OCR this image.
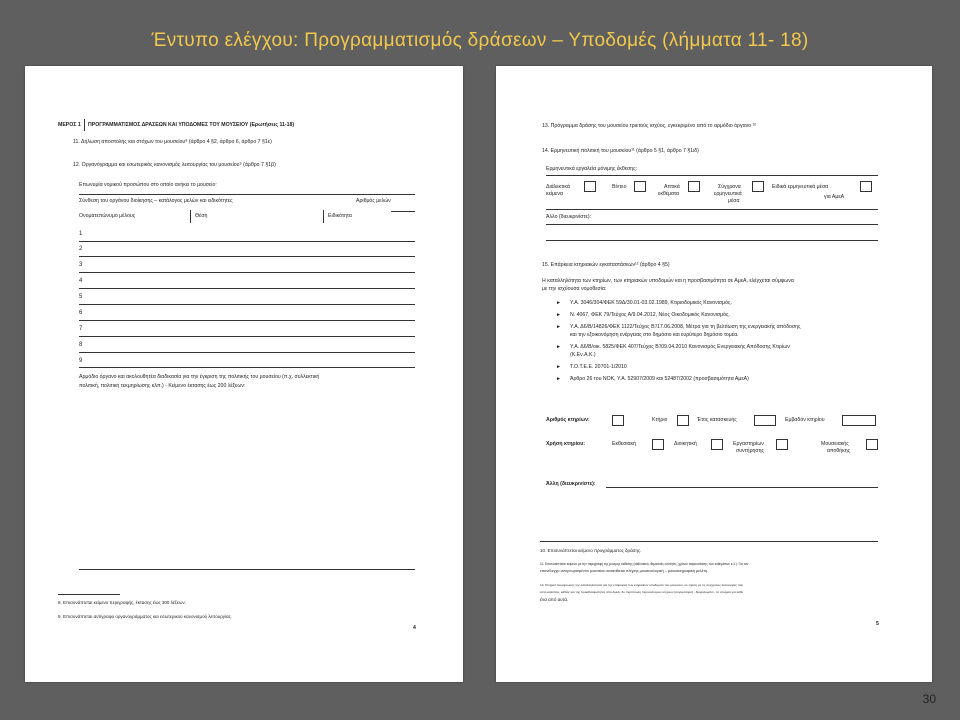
Έντυπο ελέγχου: Προγραμματισμός δράσεων – Υποδομές (λήμματα 11- 18)
ΜΕΡΟΣ 1 ΠΡΟΓΡΑΜΜΑΤΙΣΜΟΣ ΔΡΑΣΕΩΝ ΚΑΙ ΥΠΟΔΟΜΕΣ ΤΟΥ ΜΟΥΣΕΙΟΥ (Ερωτήσεις 11-18)
11. Δήλωση αποστολής και στόχων του μουσείου⁸ (άρθρο 4 §2, άρθρο 6, άρθρο 7 §1ε)
12. Οργανόγραμμα και εσωτερικός κανονισμός λειτουργίας του μουσείου⁹ (άρθρο 7 §1β)
Επωνυμία νομικού προσώπου στο οποίο ανήκει το μουσείο:
Σύνθεση του οργάνου διοίκησης – κατάλογος μελών και ειδικότητες	Αριθμός μελών
Ονοματεπώνυμο μέλους	Θέση	Ειδικότητα
1
2
3
4
5
6
7
8
9
Αρμόδιο όργανο και ακολουθητέα διαδικασία για την έγκριση της πολιτικής του μουσείου (π.χ. συλλεκτική
πολιτική, πολιτική τεκμηρίωσης κλπ.) - Κείμενο έκτασης έως 200 λέξεων:
8. Επισυνάπτεται κείμενο περιγραφής, έκτασης έως 300 λέξεων.
9. Επισυνάπτεται αντίγραφο οργανογράμματος και εσωτερικού κανονισμού λειτουργίας.
4
13. Πρόγραμμα δράσης του μουσείου τριετούς ισχύος, εγκεκριμένο από το αρμόδιο όργανο ¹⁰
14. Ερμηνευτική πολιτική του μουσείου¹¹ (άρθρο 5 §1, άρθρο 7 §1ιδ)
Ερμηνευτικά εργαλεία μόνιμης έκθεσης:
Διάλεκτικά
κείμενα
Βίντεο	Απτικά
εκθέματα
Σύγχρονα
ερμηνευτικά
μέσα
Ειδικά ερμηνευτικά μέσα
για ΑμεΑ
Άλλο (διευκρινίστε):
15. Επάρκεια κτηριακών εγκαταστάσεων¹² (άρθρο 4 §5)
Η καταλληλότητα των κτηρίων, των κτηριακών υποδομών και η προσβασιμότητα σε ΑμεΑ, ελέγχεται σύμφωνα
με την ισχύουσα νομοθεσία:
► Υ.Α. 3046/304/ΦΕΚ 59Δ/30.01-03.02.1989, Κτιριοδομικός Κανονισμός.
► Ν. 4067, ΦΕΚ 79/Τεύχος Α/9.04.2012, Νέος Οικοδομικός Κανονισμός.
► Υ.Α. Δ6/Β/14826/ΦΕΚ 1122/Τεύχος Β'/17.06.2008, Μέτρα για τη βελτίωση της ενεργειακής απόδοσης
και την εξοικονόμηση ενέργειας στο δημόσιο και ευρύτερο δημόσιο τομέα.
► Υ.Α. Δ6/Β/οικ. 5825/ΦΕΚ 407/Τεύχος Β'/09.04.2010 Κανονισμός Ενεργειακής Απόδοσης Κτιρίων
(Κ.Εν.Α.Κ.)
► Τ.Ο.Τ.Ε.Ε. 20701-1/2010
► Άρθρο 26 του ΝΟΚ, Υ.Α. 52907/2009 και 52487/2002 (προσβασιμότητα ΑμεΑ)
Αριθμός κτηρίων:	Κτήριο	Έτος κατασκευής	Εμβαδόν κτηρίου
Χρήση κτηρίου:	Εκθεσιακή	Διοικητική	Εργαστηρίων
συντήρησης
Μουσειακής
αποθήκης
Άλλη (διευκρινίστε):
10. Επισυνάπτεται κείμενο προγράμματος δράσης.
11. Επισυνάπτεται κείμενο με την περιγραφή της μόνιμης έκθεσης (εκθεσιακό, θεματικές ενότητες, χρόνοι παρουσίασης των εκθεμάτων κ.λ.). Για τον
επανέλεγχο αναγνωρισμένου μουσείου κατατίθεται πλήρης μουσειολογική – μουσειογραφική μελέτη.
12. Στοιχεία τεκμηρίωσης της καταλληλότητας και της επάρκειας των κτηριακών υποδομών του μουσείου, σε σχέση με τις σύγχρονες λειτουργίες που
αυτό καλύπτει, καθώς και της προσβασιμότητας από ΑμεΑ. Σε περίπτωση περισσότερων κτηρίων (συγκρότημα) - διαγράμματα - τα στοιχεία για κάθε
ένα από αυτά.
5
30
